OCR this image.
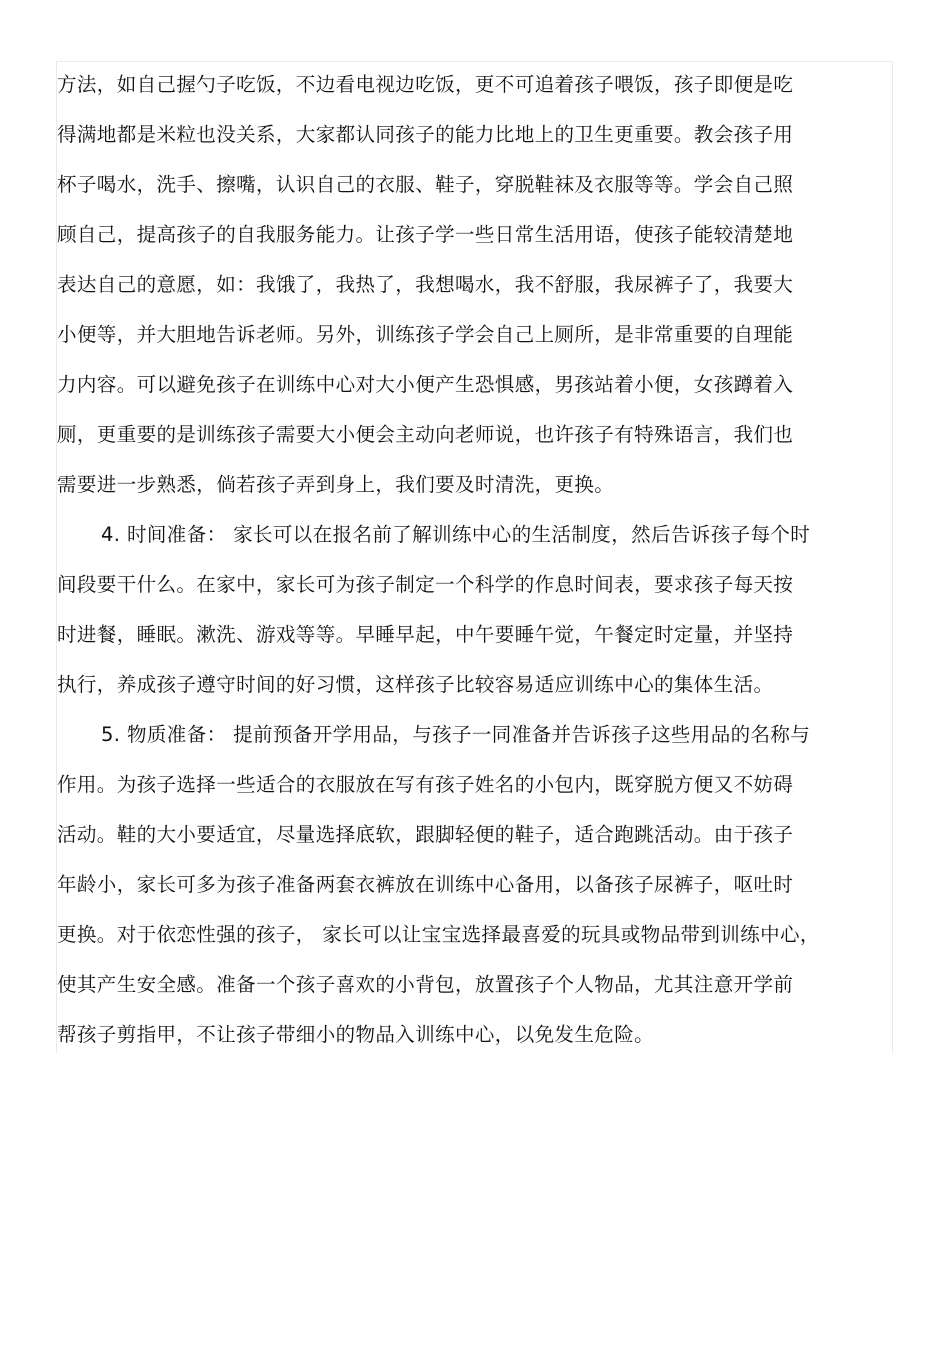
方法，如自己握勺子吃饭，不边看电视边吃饭，更不可追着孩子喂饭，孩子即便是吃
得满地都是米粒也没关系，大家都认同孩子的能力比地上的卫生更重要。教会孩子用
杯子喝水，洗手、擦嘴，认识自己的衣服、鞋子，穿脱鞋袜及衣服等等。学会自己照
顾自己，提高孩子的自我服务能力。让孩子学一些日常生活用语，使孩子能较清楚地
表达自己的意愿，如：我饿了，我热了，我想喝水，我不舒服，我尿裤子了，我要大
小便等，并大胆地告诉老师。另外，训练孩子学会自己上厕所，是非常重要的自理能
力内容。可以避免孩子在训练中心对大小便产生恐惧感，男孩站着小便，女孩蹲着入
厕，更重要的是训练孩子需要大小便会主动向老师说，也许孩子有特殊语言，我们也
需要进一步熟悉，倘若孩子弄到身上，我们要及时清洗，更换。
4. 时间准备： 家长可以在报名前了解训练中心的生活制度，然后告诉孩子每个时
间段要干什么。在家中，家长可为孩子制定一个科学的作息时间表，要求孩子每天按
时进餐，睡眠。漱洗、游戏等等。早睡早起，中午要睡午觉，午餐定时定量，并坚持
执行，养成孩子遵守时间的好习惯，这样孩子比较容易适应训练中心的集体生活。
5. 物质准备： 提前预备开学用品，与孩子一同准备并告诉孩子这些用品的名称与
作用。为孩子选择一些适合的衣服放在写有孩子姓名的小包内，既穿脱方便又不妨碍
活动。鞋的大小要适宜，尽量选择底软，跟脚轻便的鞋子，适合跑跳活动。由于孩子
年龄小，家长可多为孩子准备两套衣裤放在训练中心备用，以备孩子尿裤子，呕吐时
更换。对于依恋性强的孩子， 家长可以让宝宝选择最喜爱的玩具或物品带到训练中心，
使其产生安全感。准备一个孩子喜欢的小背包，放置孩子个人物品，尤其注意开学前
帮孩子剪指甲，不让孩子带细小的物品入训练中心，以免发生危险。
